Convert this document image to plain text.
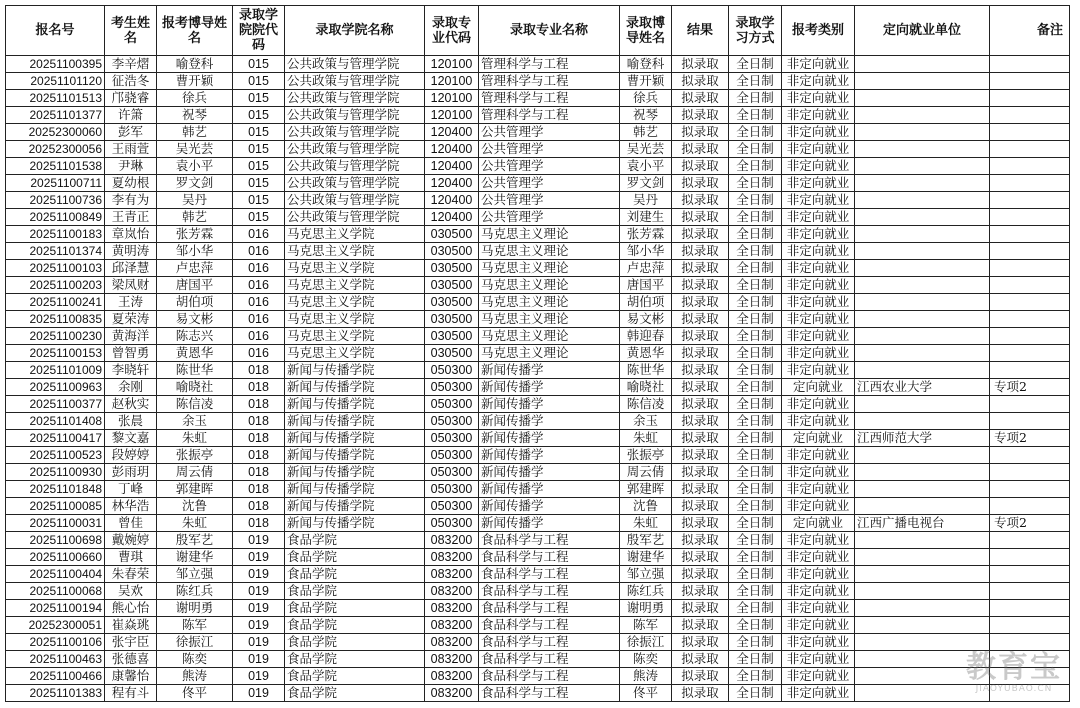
报名号	考生姓名	报考博导姓名	录取学院院代码	录取学院名称	录取专业代码	录取专业名称	录取博导姓名	结果	录取学习方式	报考类别	定向就业单位	备注
20251100395	李辛熠	喻登科	015	公共政策与管理学院	120100	管理科学与工程	喻登科	拟录取	全日制	非定向就业		
20251101120	征浩冬	曹开颖	015	公共政策与管理学院	120100	管理科学与工程	曹开颖	拟录取	全日制	非定向就业		
20251101513	邝骁睿	徐兵	015	公共政策与管理学院	120100	管理科学与工程	徐兵	拟录取	全日制	非定向就业		
20251101377	许箫	祝琴	015	公共政策与管理学院	120100	管理科学与工程	祝琴	拟录取	全日制	非定向就业		
20252300060	彭军	韩艺	015	公共政策与管理学院	120400	公共管理学	韩艺	拟录取	全日制	非定向就业		
20252300056	王雨萱	吴光芸	015	公共政策与管理学院	120400	公共管理学	吴光芸	拟录取	全日制	非定向就业		
20251101538	尹琳	袁小平	015	公共政策与管理学院	120400	公共管理学	袁小平	拟录取	全日制	非定向就业		
20251100711	夏幼根	罗文剑	015	公共政策与管理学院	120400	公共管理学	罗文剑	拟录取	全日制	非定向就业		
20251100736	李有为	吴丹	015	公共政策与管理学院	120400	公共管理学	吴丹	拟录取	全日制	非定向就业		
20251100849	王青正	韩艺	015	公共政策与管理学院	120400	公共管理学	刘建生	拟录取	全日制	非定向就业		
20251100183	章岚怡	张芳霖	016	马克思主义学院	030500	马克思主义理论	张芳霖	拟录取	全日制	非定向就业		
20251101374	黄明涛	邹小华	016	马克思主义学院	030500	马克思主义理论	邹小华	拟录取	全日制	非定向就业		
20251100103	邱泽慧	卢忠萍	016	马克思主义学院	030500	马克思主义理论	卢忠萍	拟录取	全日制	非定向就业		
20251100203	梁凤财	唐国平	016	马克思主义学院	030500	马克思主义理论	唐国平	拟录取	全日制	非定向就业		
20251100241	王涛	胡伯项	016	马克思主义学院	030500	马克思主义理论	胡伯项	拟录取	全日制	非定向就业		
20251100835	夏荣涛	易文彬	016	马克思主义学院	030500	马克思主义理论	易文彬	拟录取	全日制	非定向就业		
20251100230	黄海洋	陈志兴	016	马克思主义学院	030500	马克思主义理论	韩迎春	拟录取	全日制	非定向就业		
20251100153	曾智勇	黄恩华	016	马克思主义学院	030500	马克思主义理论	黄恩华	拟录取	全日制	非定向就业		
20251101009	李晓轩	陈世华	018	新闻与传播学院	050300	新闻传播学	陈世华	拟录取	全日制	非定向就业		
20251100963	余刚	喻晓社	018	新闻与传播学院	050300	新闻传播学	喻晓社	拟录取	全日制	定向就业	江西农业大学	专项2
20251100377	赵秋实	陈信凌	018	新闻与传播学院	050300	新闻传播学	陈信凌	拟录取	全日制	非定向就业		
20251101408	张晨	余玉	018	新闻与传播学院	050300	新闻传播学	余玉	拟录取	全日制	非定向就业		
20251100417	黎文嘉	朱虹	018	新闻与传播学院	050300	新闻传播学	朱虹	拟录取	全日制	定向就业	江西师范大学	专项2
20251100523	段婷婷	张振亭	018	新闻与传播学院	050300	新闻传播学	张振亭	拟录取	全日制	非定向就业		
20251100930	彭雨玥	周云倩	018	新闻与传播学院	050300	新闻传播学	周云倩	拟录取	全日制	非定向就业		
20251101848	丁峰	郭建晖	018	新闻与传播学院	050300	新闻传播学	郭建晖	拟录取	全日制	非定向就业		
20251100085	林华浩	沈鲁	018	新闻与传播学院	050300	新闻传播学	沈鲁	拟录取	全日制	非定向就业		
20251100031	曾佳	朱虹	018	新闻与传播学院	050300	新闻传播学	朱虹	拟录取	全日制	定向就业	江西广播电视台	专项2
20251100698	戴婉婷	殷军艺	019	食品学院	083200	食品科学与工程	殷军艺	拟录取	全日制	非定向就业		
20251100660	曹琪	谢建华	019	食品学院	083200	食品科学与工程	谢建华	拟录取	全日制	非定向就业		
20251100404	朱春荣	邹立强	019	食品学院	083200	食品科学与工程	邹立强	拟录取	全日制	非定向就业		
20251100068	吴欢	陈红兵	019	食品学院	083200	食品科学与工程	陈红兵	拟录取	全日制	非定向就业		
20251100194	熊心怡	谢明勇	019	食品学院	083200	食品科学与工程	谢明勇	拟录取	全日制	非定向就业		
20252300051	崔焱珧	陈军	019	食品学院	083200	食品科学与工程	陈军	拟录取	全日制	非定向就业		
20251100106	张宇臣	徐振江	019	食品学院	083200	食品科学与工程	徐振江	拟录取	全日制	非定向就业		
20251100463	张德喜	陈奕	019	食品学院	083200	食品科学与工程	陈奕	拟录取	全日制	非定向就业		
20251100466	康馨怡	熊涛	019	食品学院	083200	食品科学与工程	熊涛	拟录取	全日制	非定向就业		
20251101383	程有斗	佟平	019	食品学院	083200	食品科学与工程	佟平	拟录取	全日制	非定向就业		
教育宝
JIAOYUBAO.CN
